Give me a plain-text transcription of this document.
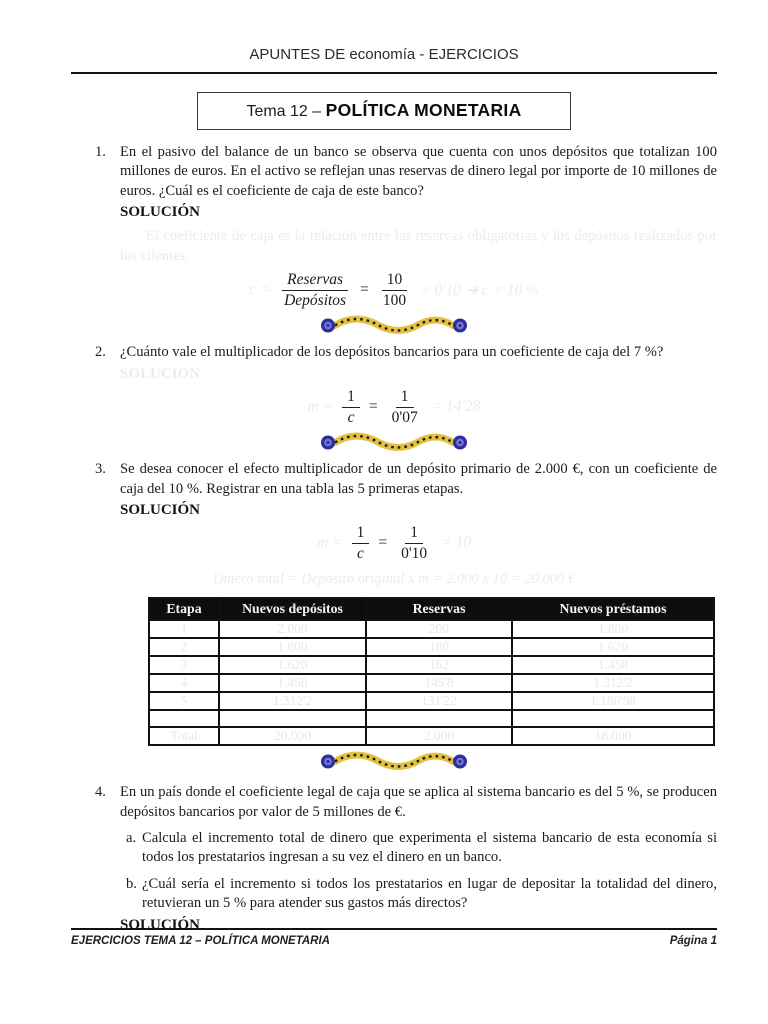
APUNTES DE economía - EJERCICIOS
Tema 12 – POLÍTICA MONETARIA
1. En el pasivo del balance de un banco se observa que cuenta con unos depósitos que totalizan 100 millones de euros. En el activo se reflejan unas reservas de dinero legal por importe de 10 millones de euros. ¿Cuál es el coeficiente de caja de este banco?
SOLUCIÓN
El coeficiente de caja es la relación entre las reservas obligatorias y los depósitos realizados por los clientes.
$c = \frac{\text{Reservas}}{\text{Depósitos}} = \frac{10}{100} = 0'10$ ➔ c = 10 %
2. ¿Cuánto vale el multiplicador de los depósitos bancarios para un coeficiente de caja del 7 %?
SOLUCIÓN
$m = \frac{1}{c} = \frac{1}{0'07} = 14'28$
3. Se desea conocer el efecto multiplicador de un depósito primario de 2.000 €, con un coeficiente de caja del 10 %. Registrar en una tabla las 5 primeras etapas.
SOLUCIÓN
$m = \frac{1}{c} = \frac{1}{0'10} = 10$
Dinero total = Deposito original x m = 2.000 x 10 = 20.000 €
Etapa	Nuevos depósitos	Reservas	Nuevos préstamos
1	2.000	200	1.800
2	1.800	180	1.620
3	1.620	162	1.458
4	1.458	145'8	1.312'2
5	1.312'2	131'22	1.180'98

Total	20.000	2.000	18.000
4. En un país donde el coeficiente legal de caja que se aplica al sistema bancario es del 5 %, se producen depósitos bancarios por valor de 5 millones de €.
a. Calcula el incremento total de dinero que experimenta el sistema bancario de esta economía si todos los prestatarios ingresan a su vez el dinero en un banco.
b. ¿Cuál sería el incremento si todos los prestatarios en lugar de depositar la totalidad del dinero, retuvieran un 5 % para atender sus gastos más directos?
SOLUCIÓN
EJERCICIOS TEMA 12 – POLÍTICA MONETARIA	Página 1
